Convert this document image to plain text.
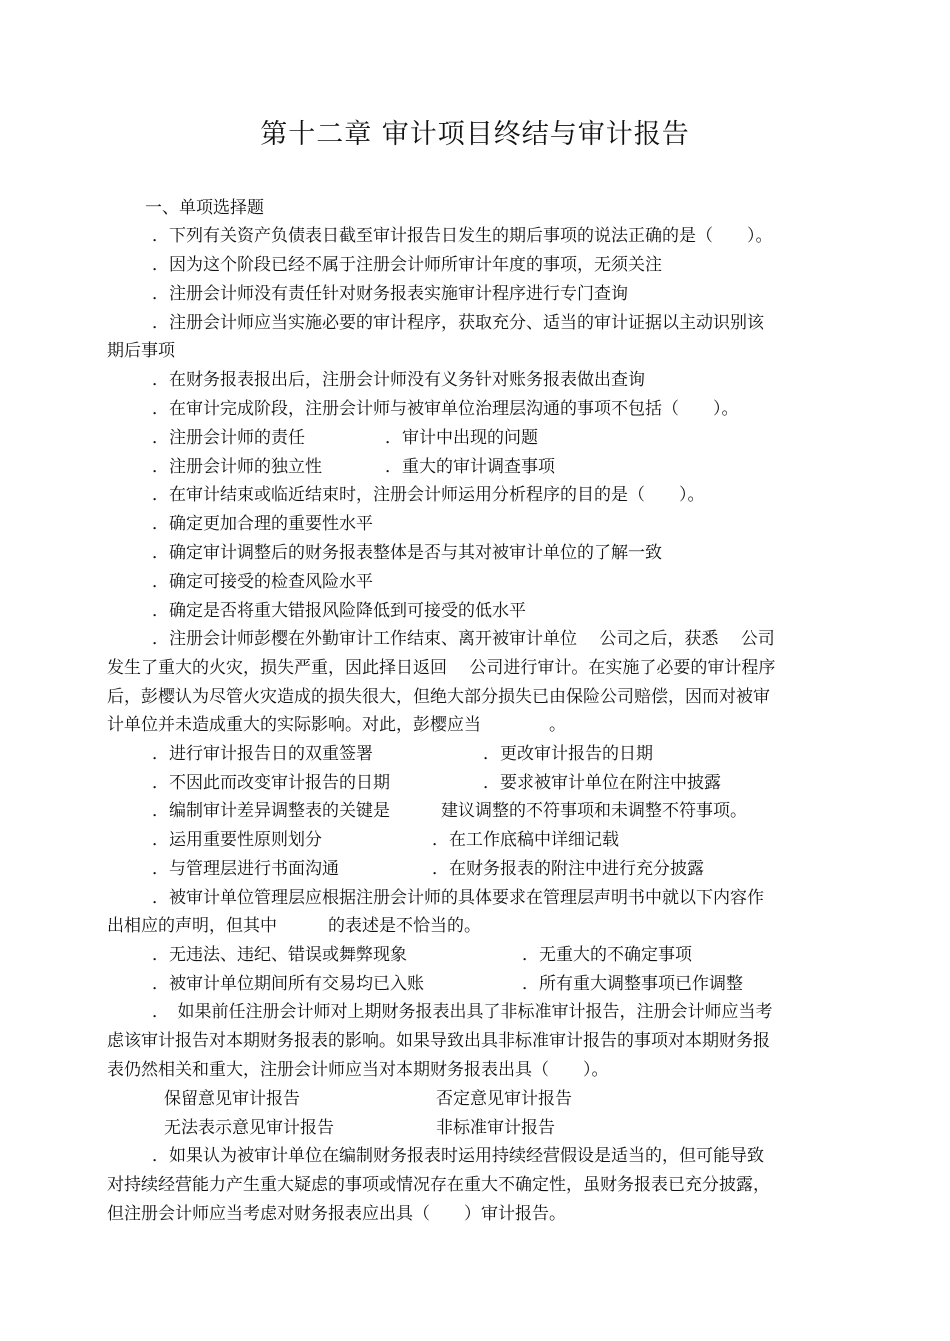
第十二章 审计项目终结与审计报告
一、单项选择题
．下列有关资产负债表日截至审计报告日发生的期后事项的说法正确的是（　　）。
．因为这个阶段已经不属于注册会计师所审计年度的事项，无须关注
．注册会计师没有责任针对财务报表实施审计程序进行专门查询
．注册会计师应当实施必要的审计程序，获取充分、适当的审计证据以主动识别该
期后事项
．在财务报表报出后，注册会计师没有义务针对账务报表做出查询
．在审计完成阶段，注册会计师与被审单位治理层沟通的事项不包括（　　）。
．注册会计师的责任	．审计中出现的问题
．注册会计师的独立性	．重大的审计调查事项
．在审计结束或临近结束时，注册会计师运用分析程序的目的是（　　）。
．确定更加合理的重要性水平
．确定审计调整后的财务报表整体是否与其对被审计单位的了解一致
．确定可接受的检查风险水平
．确定是否将重大错报风险降低到可接受的低水平
．注册会计师彭樱在外勤审计工作结束、离开被审计单位　 公司之后，获悉　 公司
发生了重大的火灾，损失严重，因此择日返回　 公司进行审计。在实施了必要的审计程序
后，彭樱认为尽管火灾造成的损失很大，但绝大部分损失已由保险公司赔偿，因而对被审
计单位并未造成重大的实际影响。对此，彭樱应当　　　　。
．进行审计报告日的双重签署	．更改审计报告的日期
．不因此而改变审计报告的日期	．要求被审计单位在附注中披露
．编制审计差异调整表的关键是　　　建议调整的不符事项和未调整不符事项。
．运用重要性原则划分	．在工作底稿中详细记载
．与管理层进行书面沟通	．在财务报表的附注中进行充分披露
．被审计单位管理层应根据注册会计师的具体要求在管理层声明书中就以下内容作
出相应的声明，但其中　　　的表述是不恰当的。
．无违法、违纪、错误或舞弊现象	．无重大的不确定事项
．被审计单位期间所有交易均已入账	．所有重大调整事项已作调整
．　如果前任注册会计师对上期财务报表出具了非标准审计报告，注册会计师应当考
虑该审计报告对本期财务报表的影响。如果导致出具非标准审计报告的事项对本期财务报
表仍然相关和重大，注册会计师应当对本期财务报表出具（　　）。
保留意见审计报告	否定意见审计报告
无法表示意见审计报告	非标准审计报告
．如果认为被审计单位在编制财务报表时运用持续经营假设是适当的，但可能导致
对持续经营能力产生重大疑虑的事项或情况存在重大不确定性，虽财务报表已充分披露，
但注册会计师应当考虑对财务报表应出具（　　）审计报告。
